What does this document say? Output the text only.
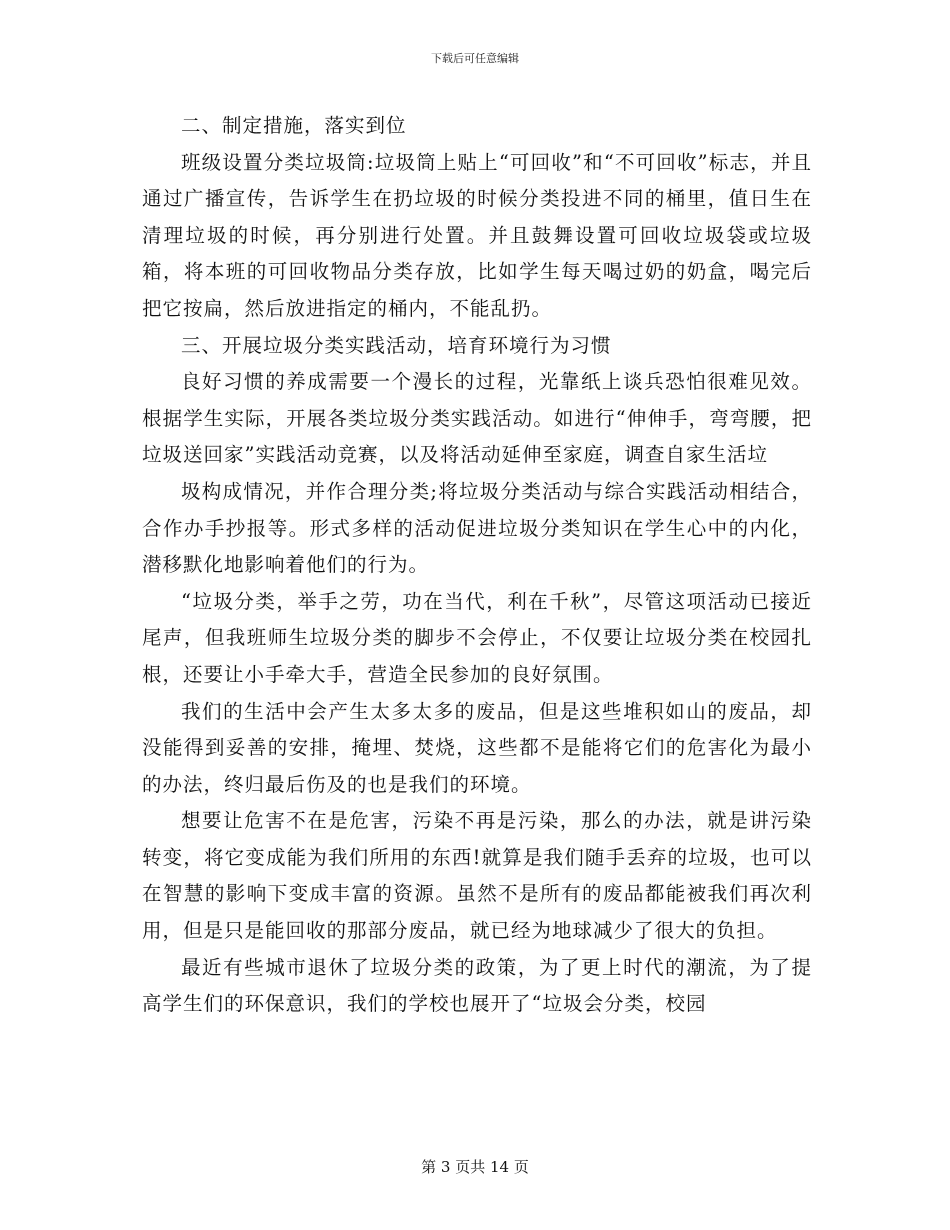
下载后可任意编辑

二、制定措施，落实到位

班级设置分类垃圾筒:垃圾筒上贴上“可回收”和“不可回收”标志，并且通过广播宣传，告诉学生在扔垃圾的时候分类投进不同的桶里，值日生在清理垃圾的时候，再分别进行处置。并且鼓舞设置可回收垃圾袋或垃圾箱，将本班的可回收物品分类存放，比如学生每天喝过奶的奶盒，喝完后把它按扁，然后放进指定的桶内，不能乱扔。

三、开展垃圾分类实践活动，培育环境行为习惯

良好习惯的养成需要一个漫长的过程，光靠纸上谈兵恐怕很难见效。根据学生实际，开展各类垃圾分类实践活动。如进行“伸伸手，弯弯腰，把垃圾送回家”实践活动竞赛，以及将活动延伸至家庭，调查自家生活垃

圾构成情况，并作合理分类;将垃圾分类活动与综合实践活动相结合，合作办手抄报等。形式多样的活动促进垃圾分类知识在学生心中的内化，潜移默化地影响着他们的行为。

“垃圾分类，举手之劳，功在当代，利在千秋”，尽管这项活动已接近尾声，但我班师生垃圾分类的脚步不会停止，不仅要让垃圾分类在校园扎根，还要让小手牵大手，营造全民参加的良好氛围。

我们的生活中会产生太多太多的废品，但是这些堆积如山的废品，却没能得到妥善的安排，掩埋、焚烧，这些都不是能将它们的危害化为最小的办法，终归最后伤及的也是我们的环境。

想要让危害不在是危害，污染不再是污染，那么的办法，就是讲污染转变，将它变成能为我们所用的东西!就算是我们随手丢弃的垃圾，也可以在智慧的影响下变成丰富的资源。虽然不是所有的废品都能被我们再次利用，但是只是能回收的那部分废品，就已经为地球减少了很大的负担。

最近有些城市退休了垃圾分类的政策，为了更上时代的潮流，为了提高学生们的环保意识，我们的学校也展开了“垃圾会分类，校园

第 3 页共 14 页
